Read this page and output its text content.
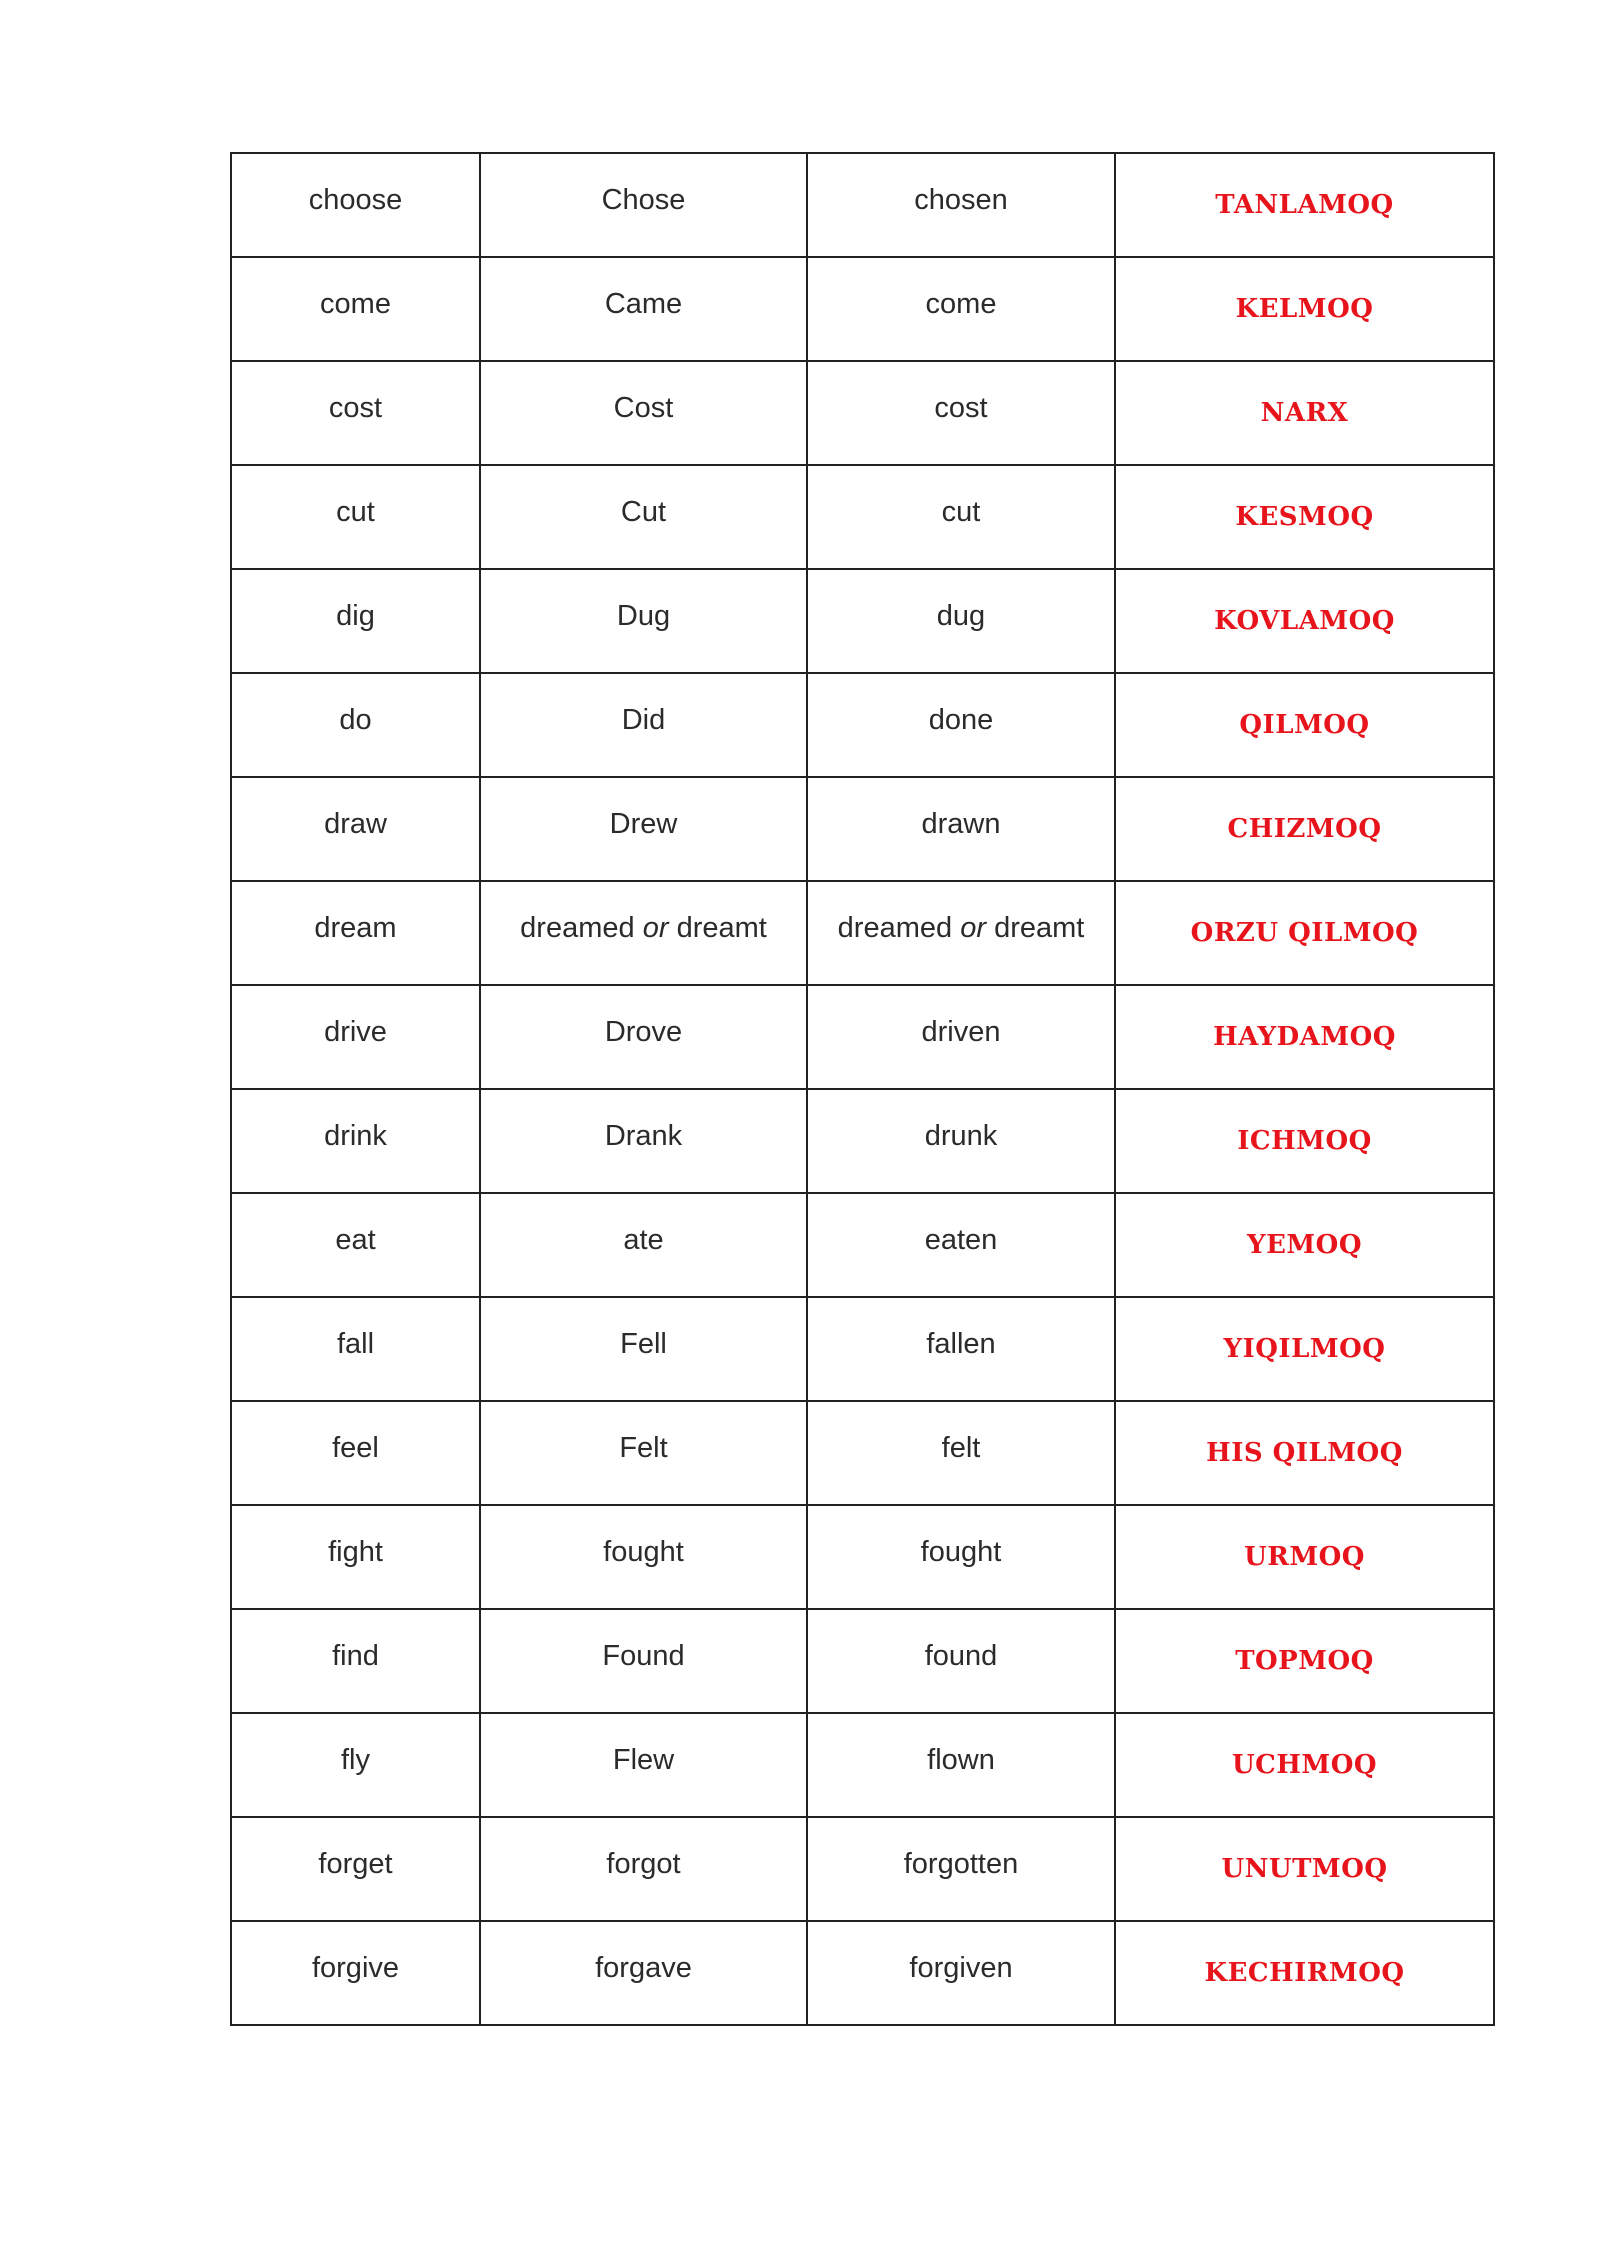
choose	Chose	chosen	TANLAMOQ
come	Came	come	KELMOQ
cost	Cost	cost	NARX
cut	Cut	cut	KESMOQ
dig	Dug	dug	KOVLAMOQ
do	Did	done	QILMOQ
draw	Drew	drawn	CHIZMOQ
dream	dreamed or dreamt	dreamed or dreamt	ORZU QILMOQ
drive	Drove	driven	HAYDAMOQ
drink	Drank	drunk	ICHMOQ
eat	ate	eaten	YEMOQ
fall	Fell	fallen	YIQILMOQ
feel	Felt	felt	HIS QILMOQ
fight	fought	fought	URMOQ
find	Found	found	TOPMOQ
fly	Flew	flown	UCHMOQ
forget	forgot	forgotten	UNUTMOQ
forgive	forgave	forgiven	KECHIRMOQ
